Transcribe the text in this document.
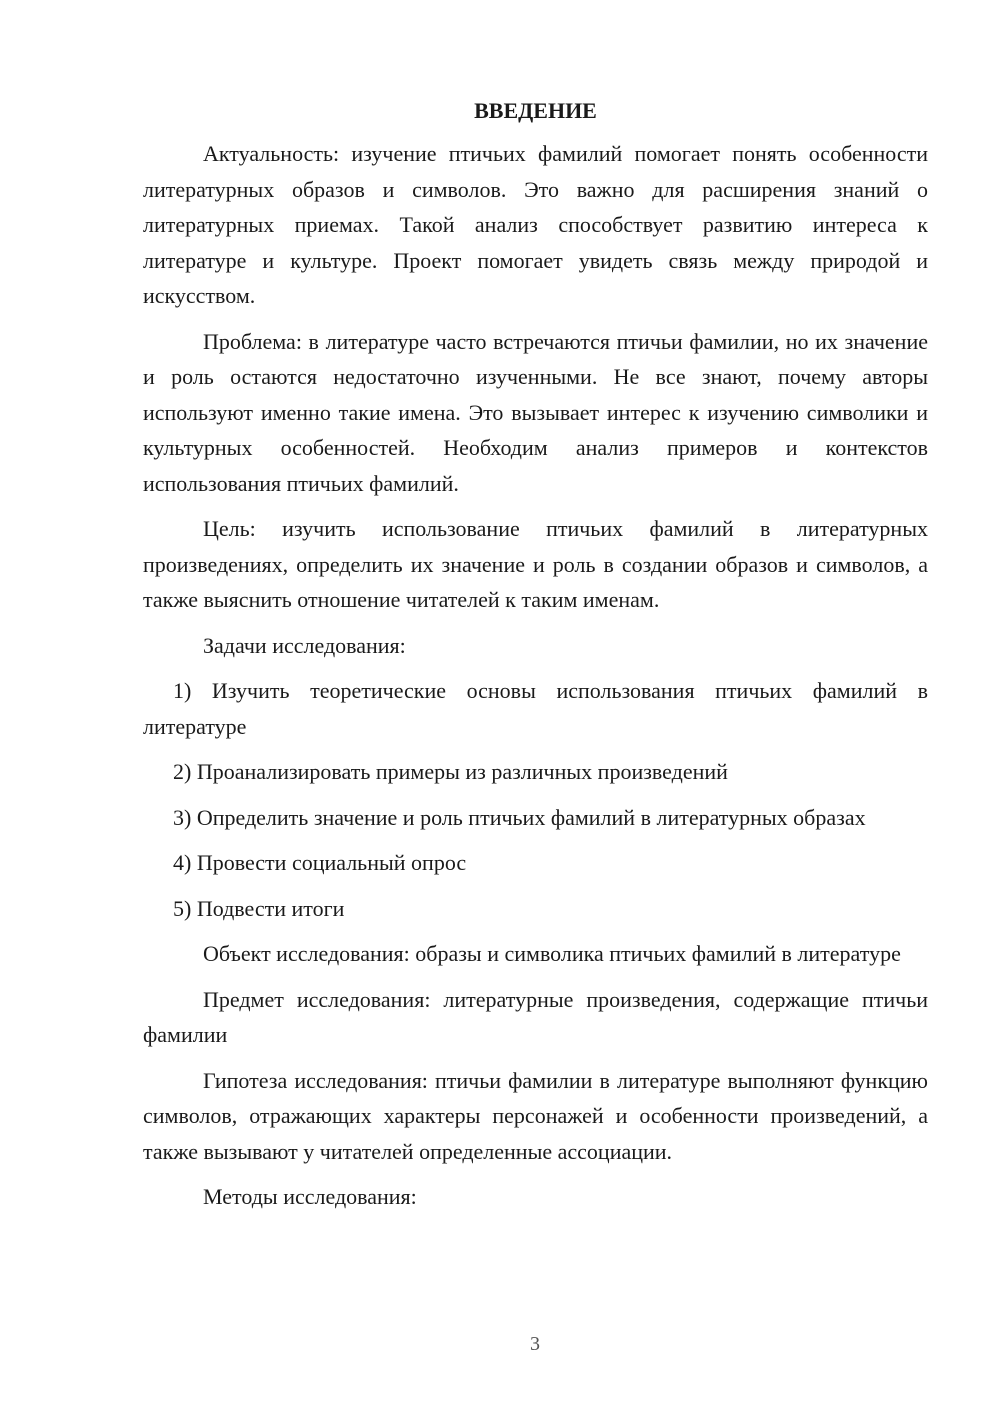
ВВЕДЕНИЕ

Актуальность: изучение птичьих фамилий помогает понять особенности литературных образов и символов. Это важно для расширения знаний о литературных приемах. Такой анализ способствует развитию интереса к литературе и культуре. Проект помогает увидеть связь между природой и искусством.

Проблема: в литературе часто встречаются птичьи фамилии, но их значение и роль остаются недостаточно изученными. Не все знают, почему авторы используют именно такие имена. Это вызывает интерес к изучению символики и культурных особенностей. Необходим анализ примеров и контекстов использования птичьих фамилий.

Цель: изучить использование птичьих фамилий в литературных произведениях, определить их значение и роль в создании образов и символов, а также выяснить отношение читателей к таким именам.

Задачи исследования:

1) Изучить теоретические основы использования птичьих фамилий в литературе

2) Проанализировать примеры из различных произведений

3) Определить значение и роль птичьих фамилий в литературных образах

4) Провести социальный опрос

5) Подвести итоги

Объект исследования: образы и символика птичьих фамилий в литературе

Предмет исследования: литературные произведения, содержащие птичьи фамилии

Гипотеза исследования: птичьи фамилии в литературе выполняют функцию символов, отражающих характеры персонажей и особенности произведений, а также вызывают у читателей определенные ассоциации.

Методы исследования:

3
